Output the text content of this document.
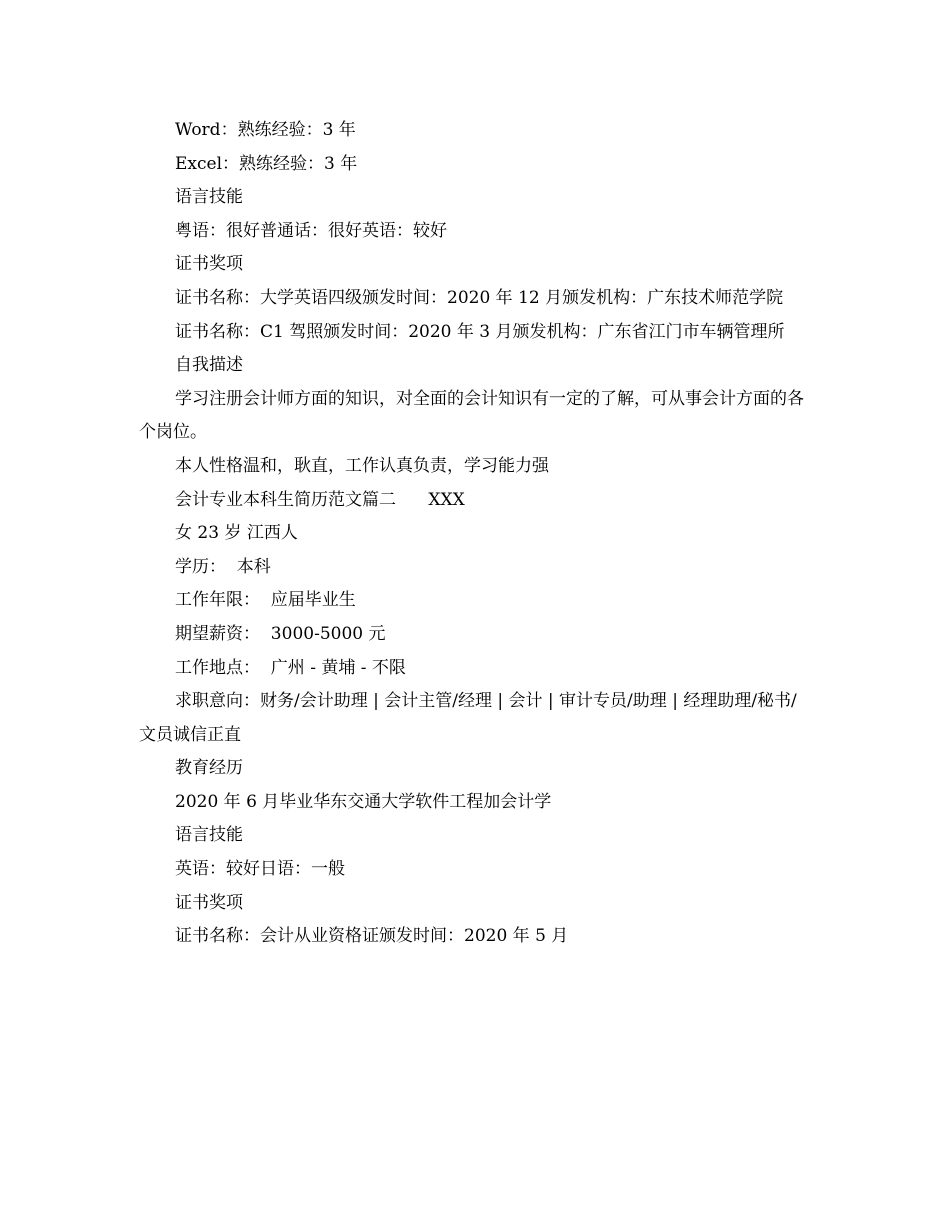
Word：熟练经验：3 年

Excel：熟练经验：3 年

语言技能

粤语：很好普通话：很好英语：较好

证书奖项

证书名称：大学英语四级颁发时间：2020 年 12 月颁发机构：广东技术师范学院

证书名称：C1 驾照颁发时间：2020 年 3 月颁发机构：广东省江门市车辆管理所

自我描述

学习注册会计师方面的知识，对全面的会计知识有一定的了解，可从事会计方面的各个岗位。

本人性格温和，耿直，工作认真负责，学习能力强

会计专业本科生简历范文篇二      XXX

女 23 岁 江西人

学历：  本科

工作年限：  应届毕业生

期望薪资：  3000-5000 元

工作地点：  广州 - 黄埔 - 不限

求职意向：财务/会计助理 | 会计主管/经理 | 会计 | 审计专员/助理 | 经理助理/秘书/文员诚信正直

教育经历

2020 年 6 月毕业华东交通大学软件工程加会计学

语言技能

英语：较好日语：一般

证书奖项

证书名称：会计从业资格证颁发时间：2020 年 5 月
